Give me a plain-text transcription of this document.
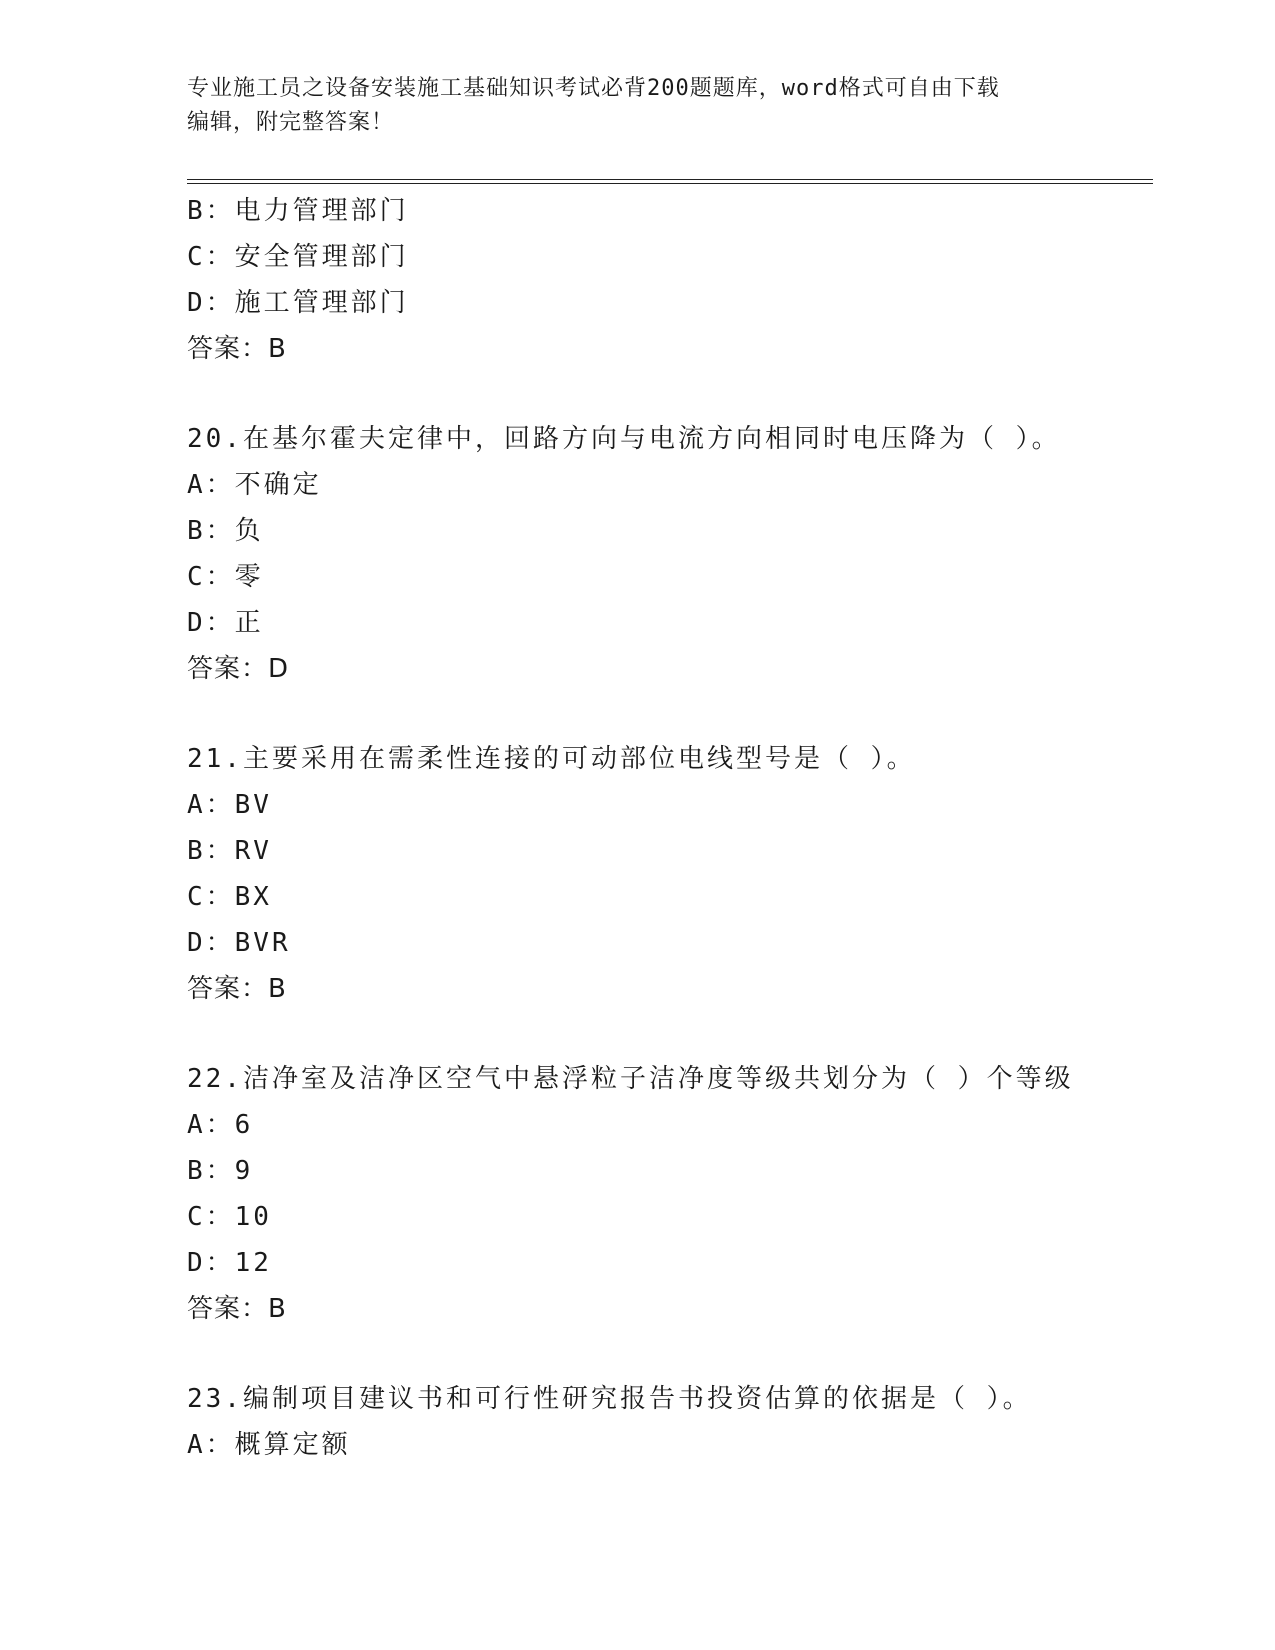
专业施工员之设备安装施工基础知识考试必背200题题库，word格式可自由下载
编辑，附完整答案！
B：电力管理部门
C：安全管理部门
D：施工管理部门
答案：B
20.在基尔霍夫定律中，回路方向与电流方向相同时电压降为（ ）。
A：不确定
B：负
C：零
D：正
答案：D
21.主要采用在需柔性连接的可动部位电线型号是（ ）。
A：BV
B：RV
C：BX
D：BVR
答案：B
22.洁净室及洁净区空气中悬浮粒子洁净度等级共划分为（ ）个等级
A：6
B：9
C：10
D：12
答案：B
23.编制项目建议书和可行性研究报告书投资估算的依据是（ ）。
A：概算定额
